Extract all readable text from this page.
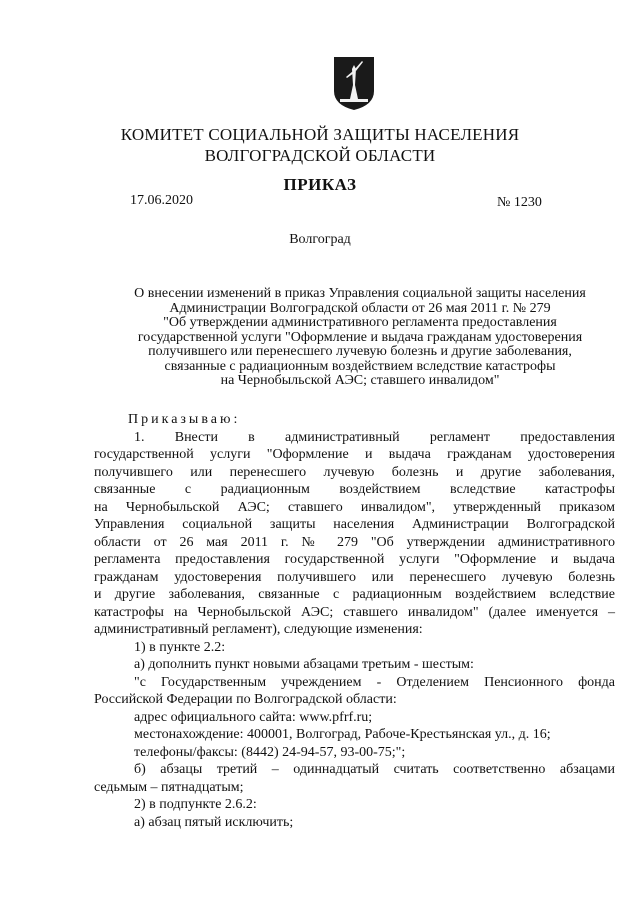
КОМИТЕТ СОЦИАЛЬНОЙ ЗАЩИТЫ НАСЕЛЕНИЯ
ВОЛГОГРАДСКОЙ ОБЛАСТИ
ПРИКАЗ
17.06.2020	№ 1230
Волгоград
О внесении изменений в приказ Управления социальной защиты населения
Администрации Волгоградской области от 26 мая 2011 г. № 279
"Об утверждении административного регламента предоставления
государственной услуги "Оформление и выдача гражданам удостоверения
получившего или перенесшего лучевую болезнь и другие заболевания,
связанные с радиационным воздействием вследствие катастрофы
на Чернобыльской АЭС; ставшего инвалидом"
Приказываю:
1. Внести в административный регламент предоставления
государственной услуги "Оформление и выдача гражданам удостоверения
получившего или перенесшего лучевую болезнь и другие заболевания,
связанные с радиационным воздействием вследствие катастрофы
на Чернобыльской АЭС; ставшего инвалидом", утвержденный приказом
Управления социальной защиты населения Администрации Волгоградской
области от 26 мая 2011 г. № 279 "Об утверждении административного
регламента предоставления государственной услуги "Оформление и выдача
гражданам удостоверения получившего или перенесшего лучевую болезнь
и другие заболевания, связанные с радиационным воздействием вследствие
катастрофы на Чернобыльской АЭС; ставшего инвалидом" (далее именуется –
административный регламент), следующие изменения:
1) в пункте 2.2:
а) дополнить пункт новыми абзацами третьим - шестым:
"с Государственным учреждением - Отделением Пенсионного фонда
Российской Федерации по Волгоградской области:
адрес официального сайта: www.pfrf.ru;
местонахождение: 400001, Волгоград, Рабоче-Крестьянская ул., д. 16;
телефоны/факсы: (8442) 24-94-57, 93-00-75;";
б) абзацы третий – одиннадцатый считать соответственно абзацами
седьмым – пятнадцатым;
2) в подпункте 2.6.2:
а) абзац пятый исключить;
